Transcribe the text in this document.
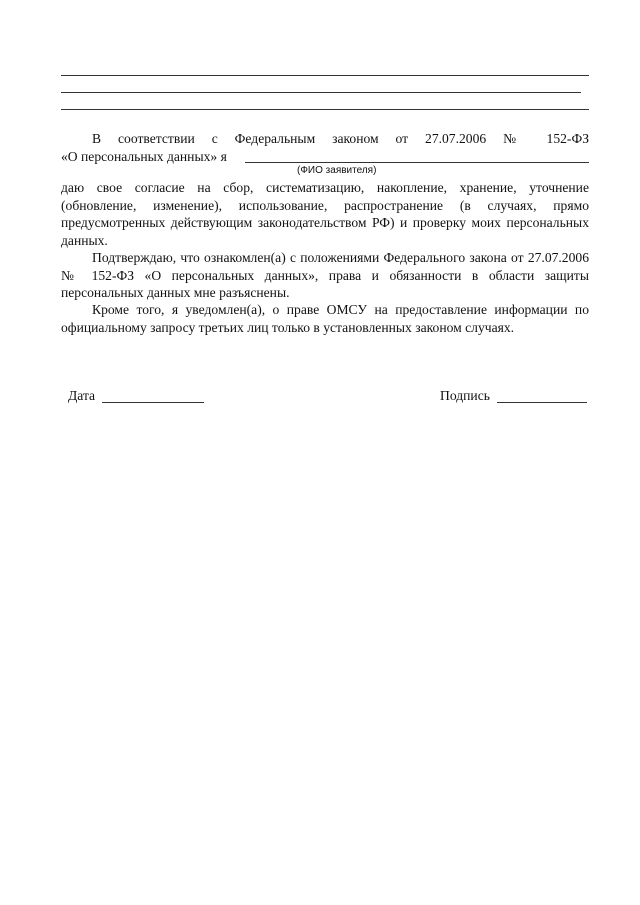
В соответствии с Федеральным законом от 27.07.2006 № 152-ФЗ

«О персональных данных» я
(ФИО заявителя)

даю свое согласие на сбор, систематизацию, накопление, хранение, уточнение (обновление, изменение), использование, распространение (в случаях, прямо предусмотренных действующим законодательством РФ) и проверку моих персональных данных.

Подтверждаю, что ознакомлен(а) с положениями Федерального закона от 27.07.2006 № 152-ФЗ «О персональных данных», права и обязанности в области защиты персональных данных мне разъяснены.

Кроме того, я уведомлен(а), о праве ОМСУ на предоставление информации по официальному запросу третьих лиц только в установленных законом случаях.

Дата	Подпись
